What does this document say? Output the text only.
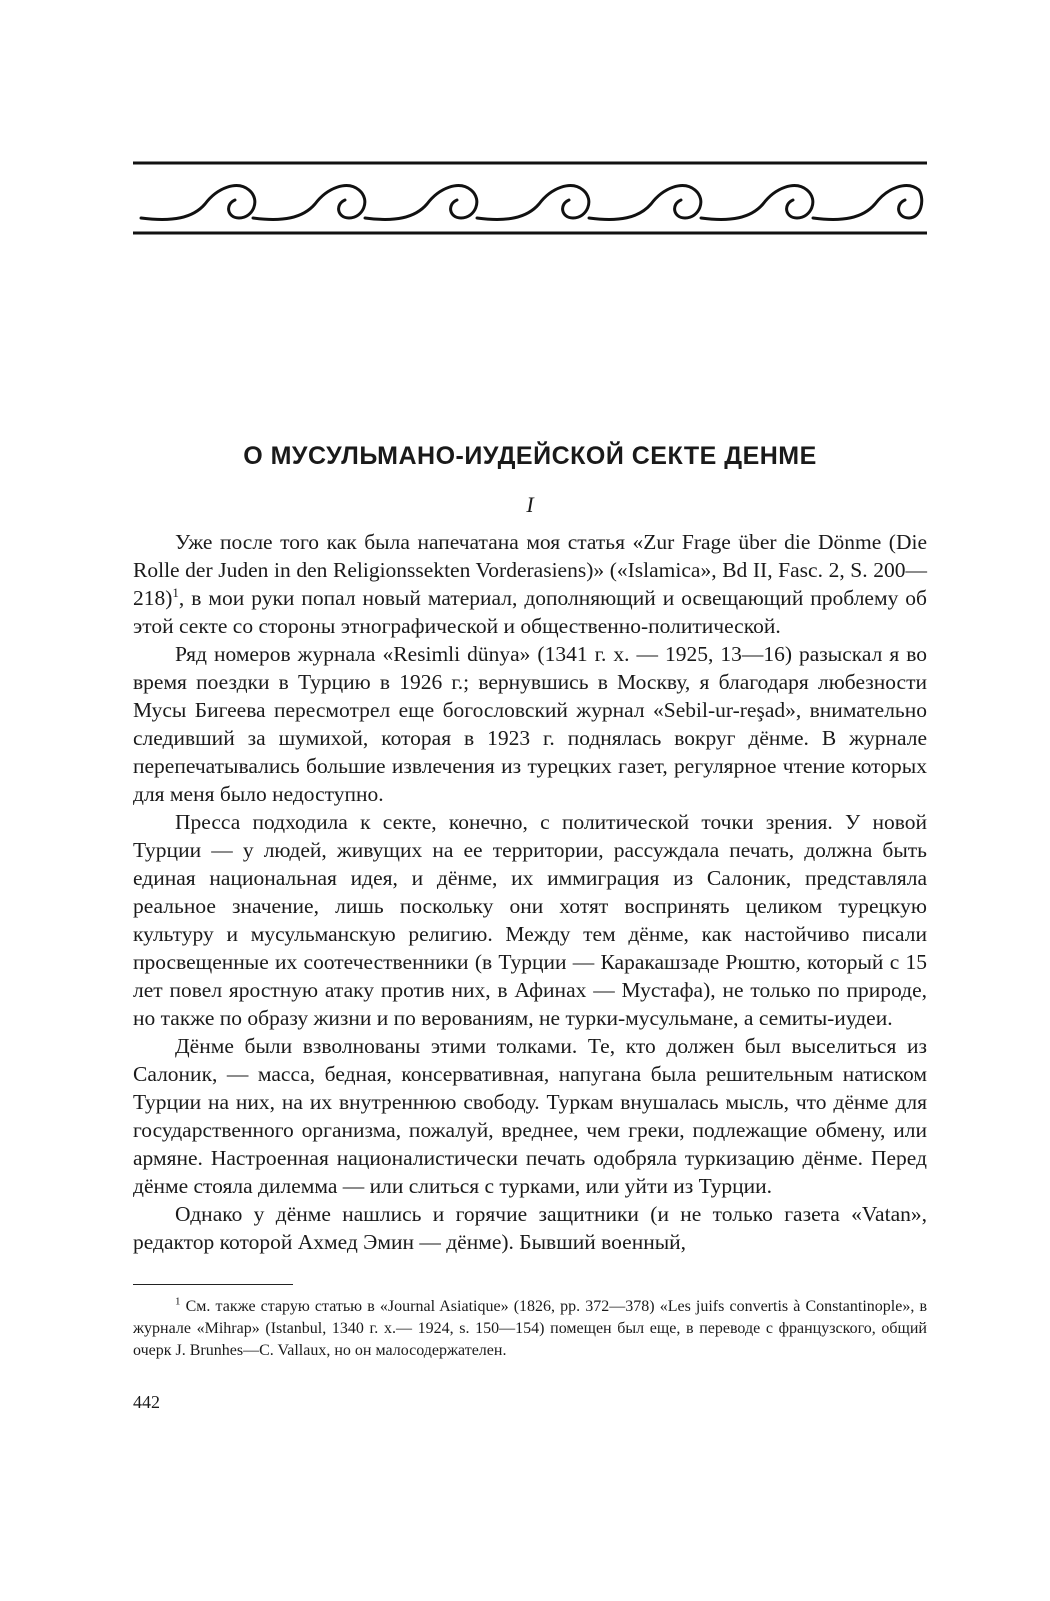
О МУСУЛЬМАНО-ИУДЕЙСКОЙ СЕКТЕ ДЕНМЕ
I

Уже после того как была напечатана моя статья «Zur Frage über die Dönme (Die Rolle der Juden in den Religionssekten Vorderasiens)» («Islamica», Bd II, Fasc. 2, S. 200—218)$^1$, в мои руки попал новый материал, дополняющий и освещающий проблему об этой секте со стороны этнографической и общественно-политической.

Ряд номеров журнала «Resimli dünya» (1341 г. х. — 1925, 13—16) разыскал я во время поездки в Турцию в 1926 г.; вернувшись в Москву, я благодаря любезности Мусы Бигеева пересмотрел еще богословский журнал «Sebil-ur-reşad», внимательно следивший за шумихой, которая в 1923 г. поднялась вокруг дёнме. В журнале перепечатывались большие извлечения из турецких газет, регулярное чтение которых для меня было недоступно.

Пресса подходила к секте, конечно, с политической точки зрения. У новой Турции — у людей, живущих на ее территории, рассуждала печать, должна быть единая национальная идея, и дёнме, их иммиграция из Салоник, представляла реальное значение, лишь поскольку они хотят воспринять целиком турецкую культуру и мусульманскую религию. Между тем дёнме, как настойчиво писали просвещенные их соотечественники (в Турции — Каракашзаде Рюштю, который с 15 лет повел яростную атаку против них, в Афинах — Мустафа), не только по природе, но также по образу жизни и по верованиям, не турки-мусульмане, а семиты-иудеи.

Дёнме были взволнованы этими толками. Те, кто должен был выселиться из Салоник, — масса, бедная, консервативная, напугана была решительным натиском Турции на них, на их внутреннюю свободу. Туркам внушалась мысль, что дёнме для государственного организма, пожалуй, вреднее, чем греки, подлежащие обмену, или армяне. Настроенная националистически печать одобряла туркизацию дёнме. Перед дёнме стояла дилемма — или слиться с турками, или уйти из Турции.

Однако у дёнме нашлись и горячие защитники (и не только газета «Vatan», редактор которой Ахмед Эмин — дёнме). Бывший военный,

$^1$ См. также старую статью в «Journal Asiatique» (1826, pp. 372—378) «Les juifs convertis à Constantinople», в журнале «Mihrap» (Istanbul, 1340 г. х.— 1924, s. 150—154) помещен был еще, в переводе с французского, общий очерк J. Brunhes—C. Vallaux, но он малосодержателен.
442
